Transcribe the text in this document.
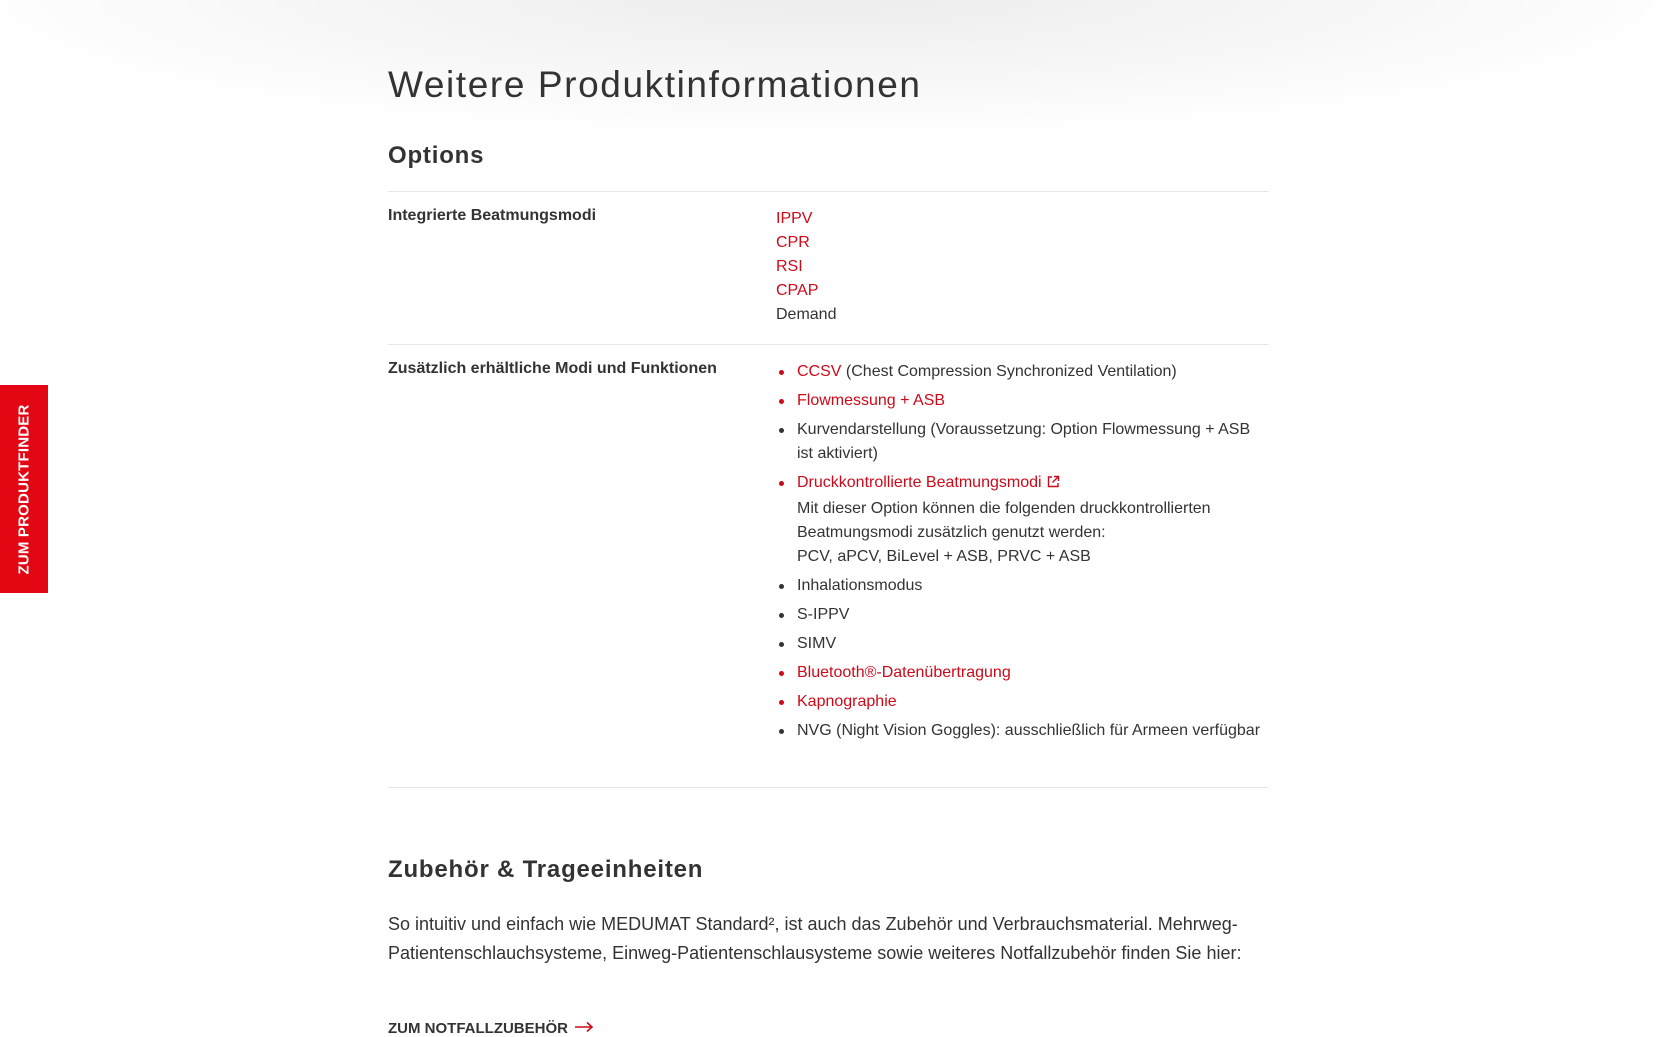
ZUM PRODUKTFINDER
Weitere Produktinformationen
Options
Integrierte Beatmungsmodi	IPPV
CPR
RSI
CPAP
Demand
Zusätzlich erhältliche Modi und Funktionen	CCSV (Chest Compression Synchronized Ventilation)
Flowmessung + ASB
Kurvendarstellung (Voraussetzung: Option Flowmessung + ASB ist aktiviert)
Druckkontrollierte Beatmungsmodi
Mit dieser Option können die folgenden druckkontrollierten Beatmungsmodi zusätzlich genutzt werden:
PCV, aPCV, BiLevel + ASB, PRVC + ASB
Inhalationsmodus
S-IPPV
SIMV
Bluetooth®-Datenübertragung
Kapnographie
NVG (Night Vision Goggles): ausschließlich für Armeen verfügbar
Zubehör & Trageeinheiten

So intuitiv und einfach wie MEDUMAT Standard², ist auch das Zubehör und Verbrauchsmaterial. Mehrweg-Patientenschlauchsysteme, Einweg-Patientenschlausysteme sowie weiteres Notfallzubehör finden Sie hier:

ZUM NOTFALLZUBEHÖR
